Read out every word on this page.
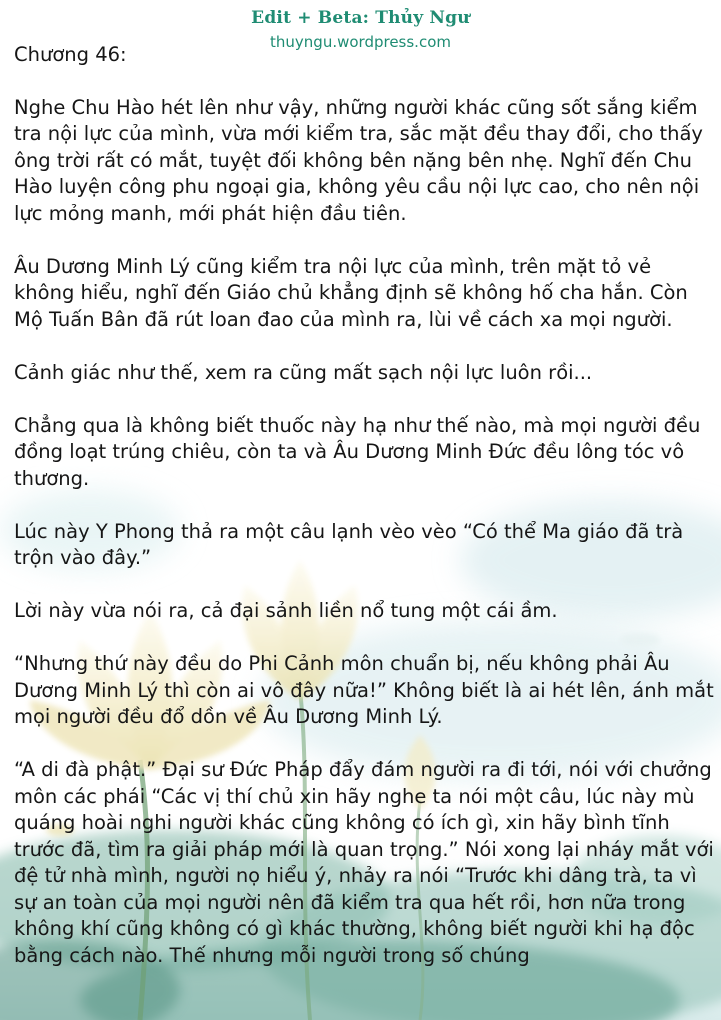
Edit + Beta: Thủy Ngư
thuyngu.wordpress.com
Chương 46:

Nghe Chu Hào hét lên như vậy, những người khác cũng sốt sắng kiểm tra nội lực của mình, vừa mới kiểm tra, sắc mặt đều thay đổi, cho thấy ông trời rất có mắt, tuyệt đối không bên nặng bên nhẹ. Nghĩ đến Chu Hào luyện công phu ngoại gia, không yêu cầu nội lực cao, cho nên nội lực mỏng manh, mới phát hiện đầu tiên.

Âu Dương Minh Lý cũng kiểm tra nội lực của mình, trên mặt tỏ vẻ không hiểu, nghĩ đến Giáo chủ khẳng định sẽ không hố cha hắn. Còn Mộ Tuấn Bân đã rút loan đao của mình ra, lùi về cách xa mọi người.

Cảnh giác như thế, xem ra cũng mất sạch nội lực luôn rồi...

Chẳng qua là không biết thuốc này hạ như thế nào, mà mọi người đều đồng loạt trúng chiêu, còn ta và Âu Dương Minh Đức đều lông tóc vô thương.

Lúc này Y Phong thả ra một câu lạnh vèo vèo “Có thể Ma giáo đã trà trộn vào đây.”

Lời này vừa nói ra, cả đại sảnh liền nổ tung một cái ầm.

“Nhưng thứ này đều do Phi Cảnh môn chuẩn bị, nếu không phải Âu Dương Minh Lý thì còn ai vô đây nữa!” Không biết là ai hét lên, ánh mắt mọi người đều đổ dồn về Âu Dương Minh Lý.

“A di đà phật.” Đại sư Đức Pháp đẩy đám người ra đi tới, nói với chưởng môn các phái “Các vị thí chủ xin hãy nghe ta nói một câu, lúc này mù quáng hoài nghi người khác cũng không có ích gì, xin hãy bình tĩnh trước đã, tìm ra giải pháp mới là quan trọng.” Nói xong lại nháy mắt với đệ tử nhà mình, người nọ hiểu ý, nhảy ra nói “Trước khi dâng trà, ta vì sự an toàn của mọi người nên đã kiểm tra qua hết rồi, hơn nữa trong không khí cũng không có gì khác thường, không biết người khi hạ độc bằng cách nào. Thế nhưng mỗi người trong số chúng
